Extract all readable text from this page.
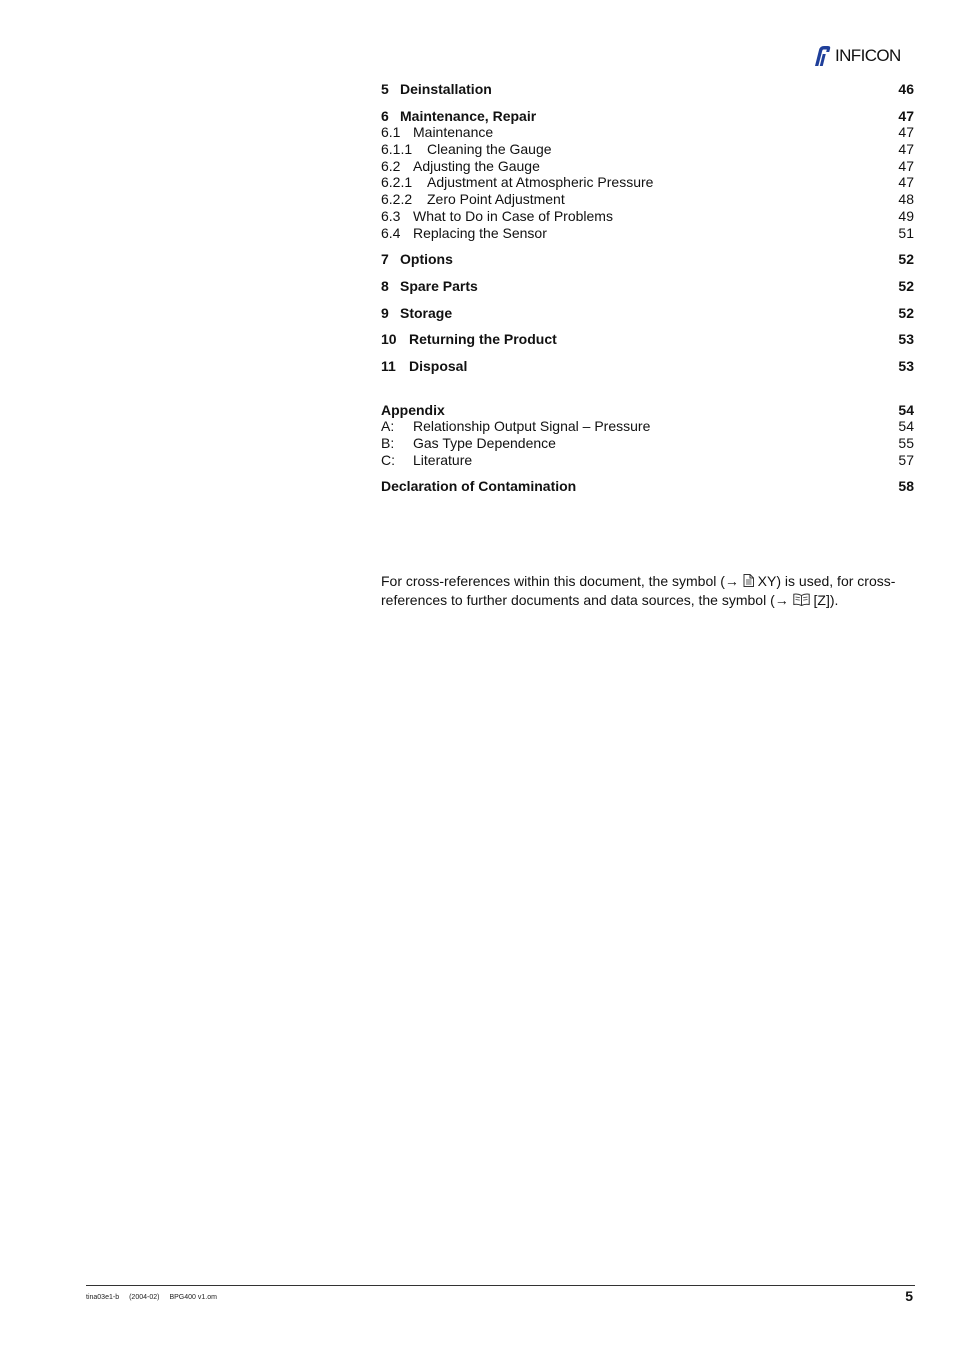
INFICON
5 Deinstallation	46
6 Maintenance, Repair	47
6.1 Maintenance	47
6.1.1	Cleaning the Gauge	47
6.2 Adjusting the Gauge	47
6.2.1	Adjustment at Atmospheric Pressure	47
6.2.2	Zero Point Adjustment	48
6.3 What to Do in Case of Problems	49
6.4 Replacing the Sensor	51
7 Options	52
8 Spare Parts	52
9 Storage	52
10 Returning the Product	53
11 Disposal	53
Appendix	54
A:	Relationship Output Signal – Pressure	54
B:	Gas Type Dependence	55
C:	Literature	57
Declaration of Contamination	58
For cross-references within this document, the symbol (→  XY) is used, for cross-references to further documents and data sources, the symbol (→  [Z]).
tina03e1-b (2004-02) BPG400 v1.om	5
